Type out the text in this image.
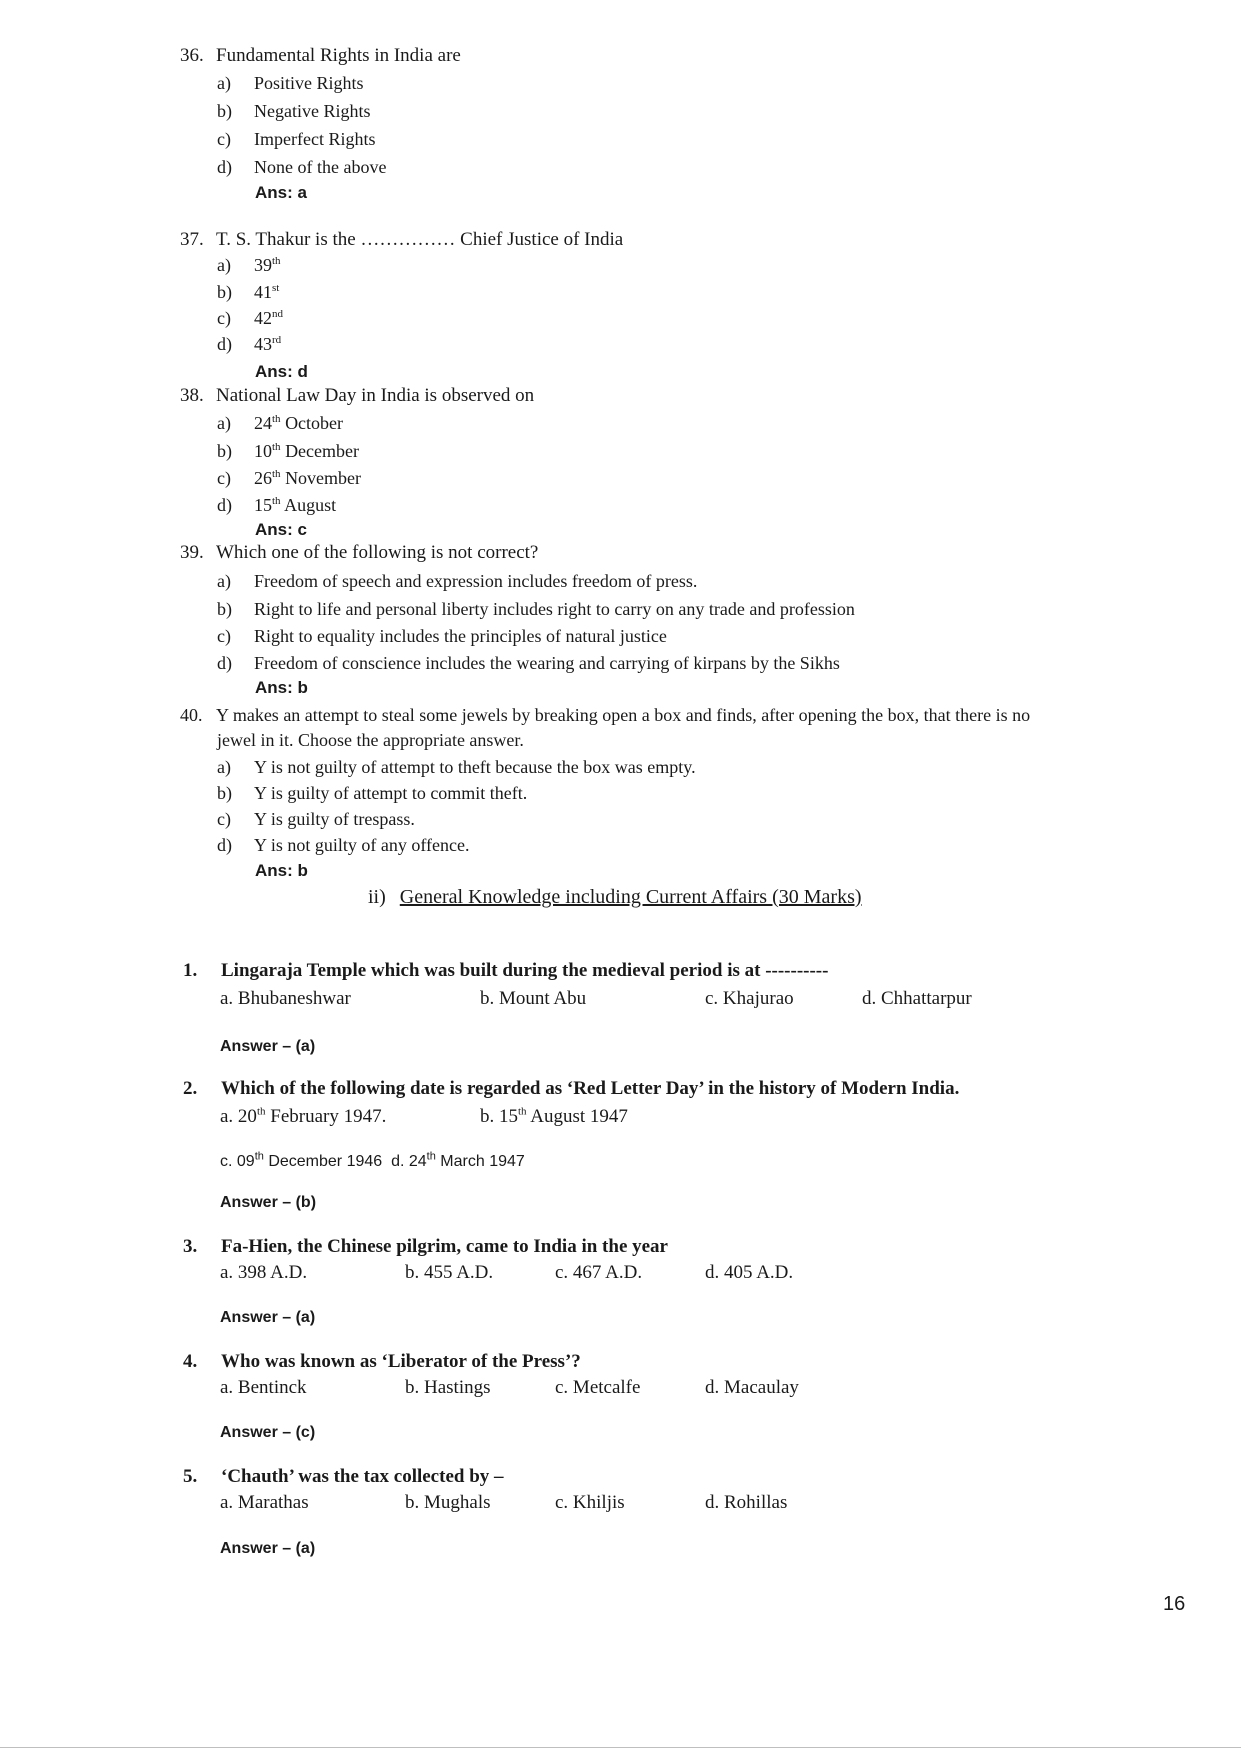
36. Fundamental Rights in India are
a) Positive Rights
b) Negative Rights
c) Imperfect Rights
d) None of the above
Ans: a
37. T. S. Thakur is the …………… Chief Justice of India
a) 39th
b) 41st
c) 42nd
d) 43rd
Ans: d
38. National Law Day in India is observed on
a) 24th October
b) 10th December
c) 26th November
d) 15th August
Ans: c
39. Which one of the following is not correct?
a) Freedom of speech and expression includes freedom of press.
b) Right to life and personal liberty includes right to carry on any trade and profession
c) Right to equality includes the principles of natural justice
d) Freedom of conscience includes the wearing and carrying of kirpans by the Sikhs
Ans: b
40. Y makes an attempt to steal some jewels by breaking open a box and finds, after opening the box, that there is no
jewel in it. Choose the appropriate answer.
a) Y is not guilty of attempt to theft because the box was empty.
b) Y is guilty of attempt to commit theft.
c) Y is guilty of trespass.
d) Y is not guilty of any offence.
Ans: b
ii) General Knowledge including Current Affairs (30 Marks)
1. Lingaraja Temple which was built during the medieval period is at ----------
a. Bhubaneshwar	b. Mount Abu	c. Khajurao	d. Chhattarpur
Answer – (a)
2. Which of the following date is regarded as ‘Red Letter Day’ in the history of Modern India.
a. 20th February 1947.	b. 15th August 1947
c. 09th December 1946 d. 24th March 1947
Answer – (b)
3. Fa-Hien, the Chinese pilgrim, came to India in the year
a. 398 A.D.	b. 455 A.D.	c. 467 A.D.	d. 405 A.D.
Answer – (a)
4. Who was known as ‘Liberator of the Press’?
a. Bentinck	b. Hastings	c. Metcalfe	d. Macaulay
Answer – (c)
5. ‘Chauth’ was the tax collected by –
a. Marathas	b. Mughals	c. Khiljis	d. Rohillas
Answer – (a)
16
